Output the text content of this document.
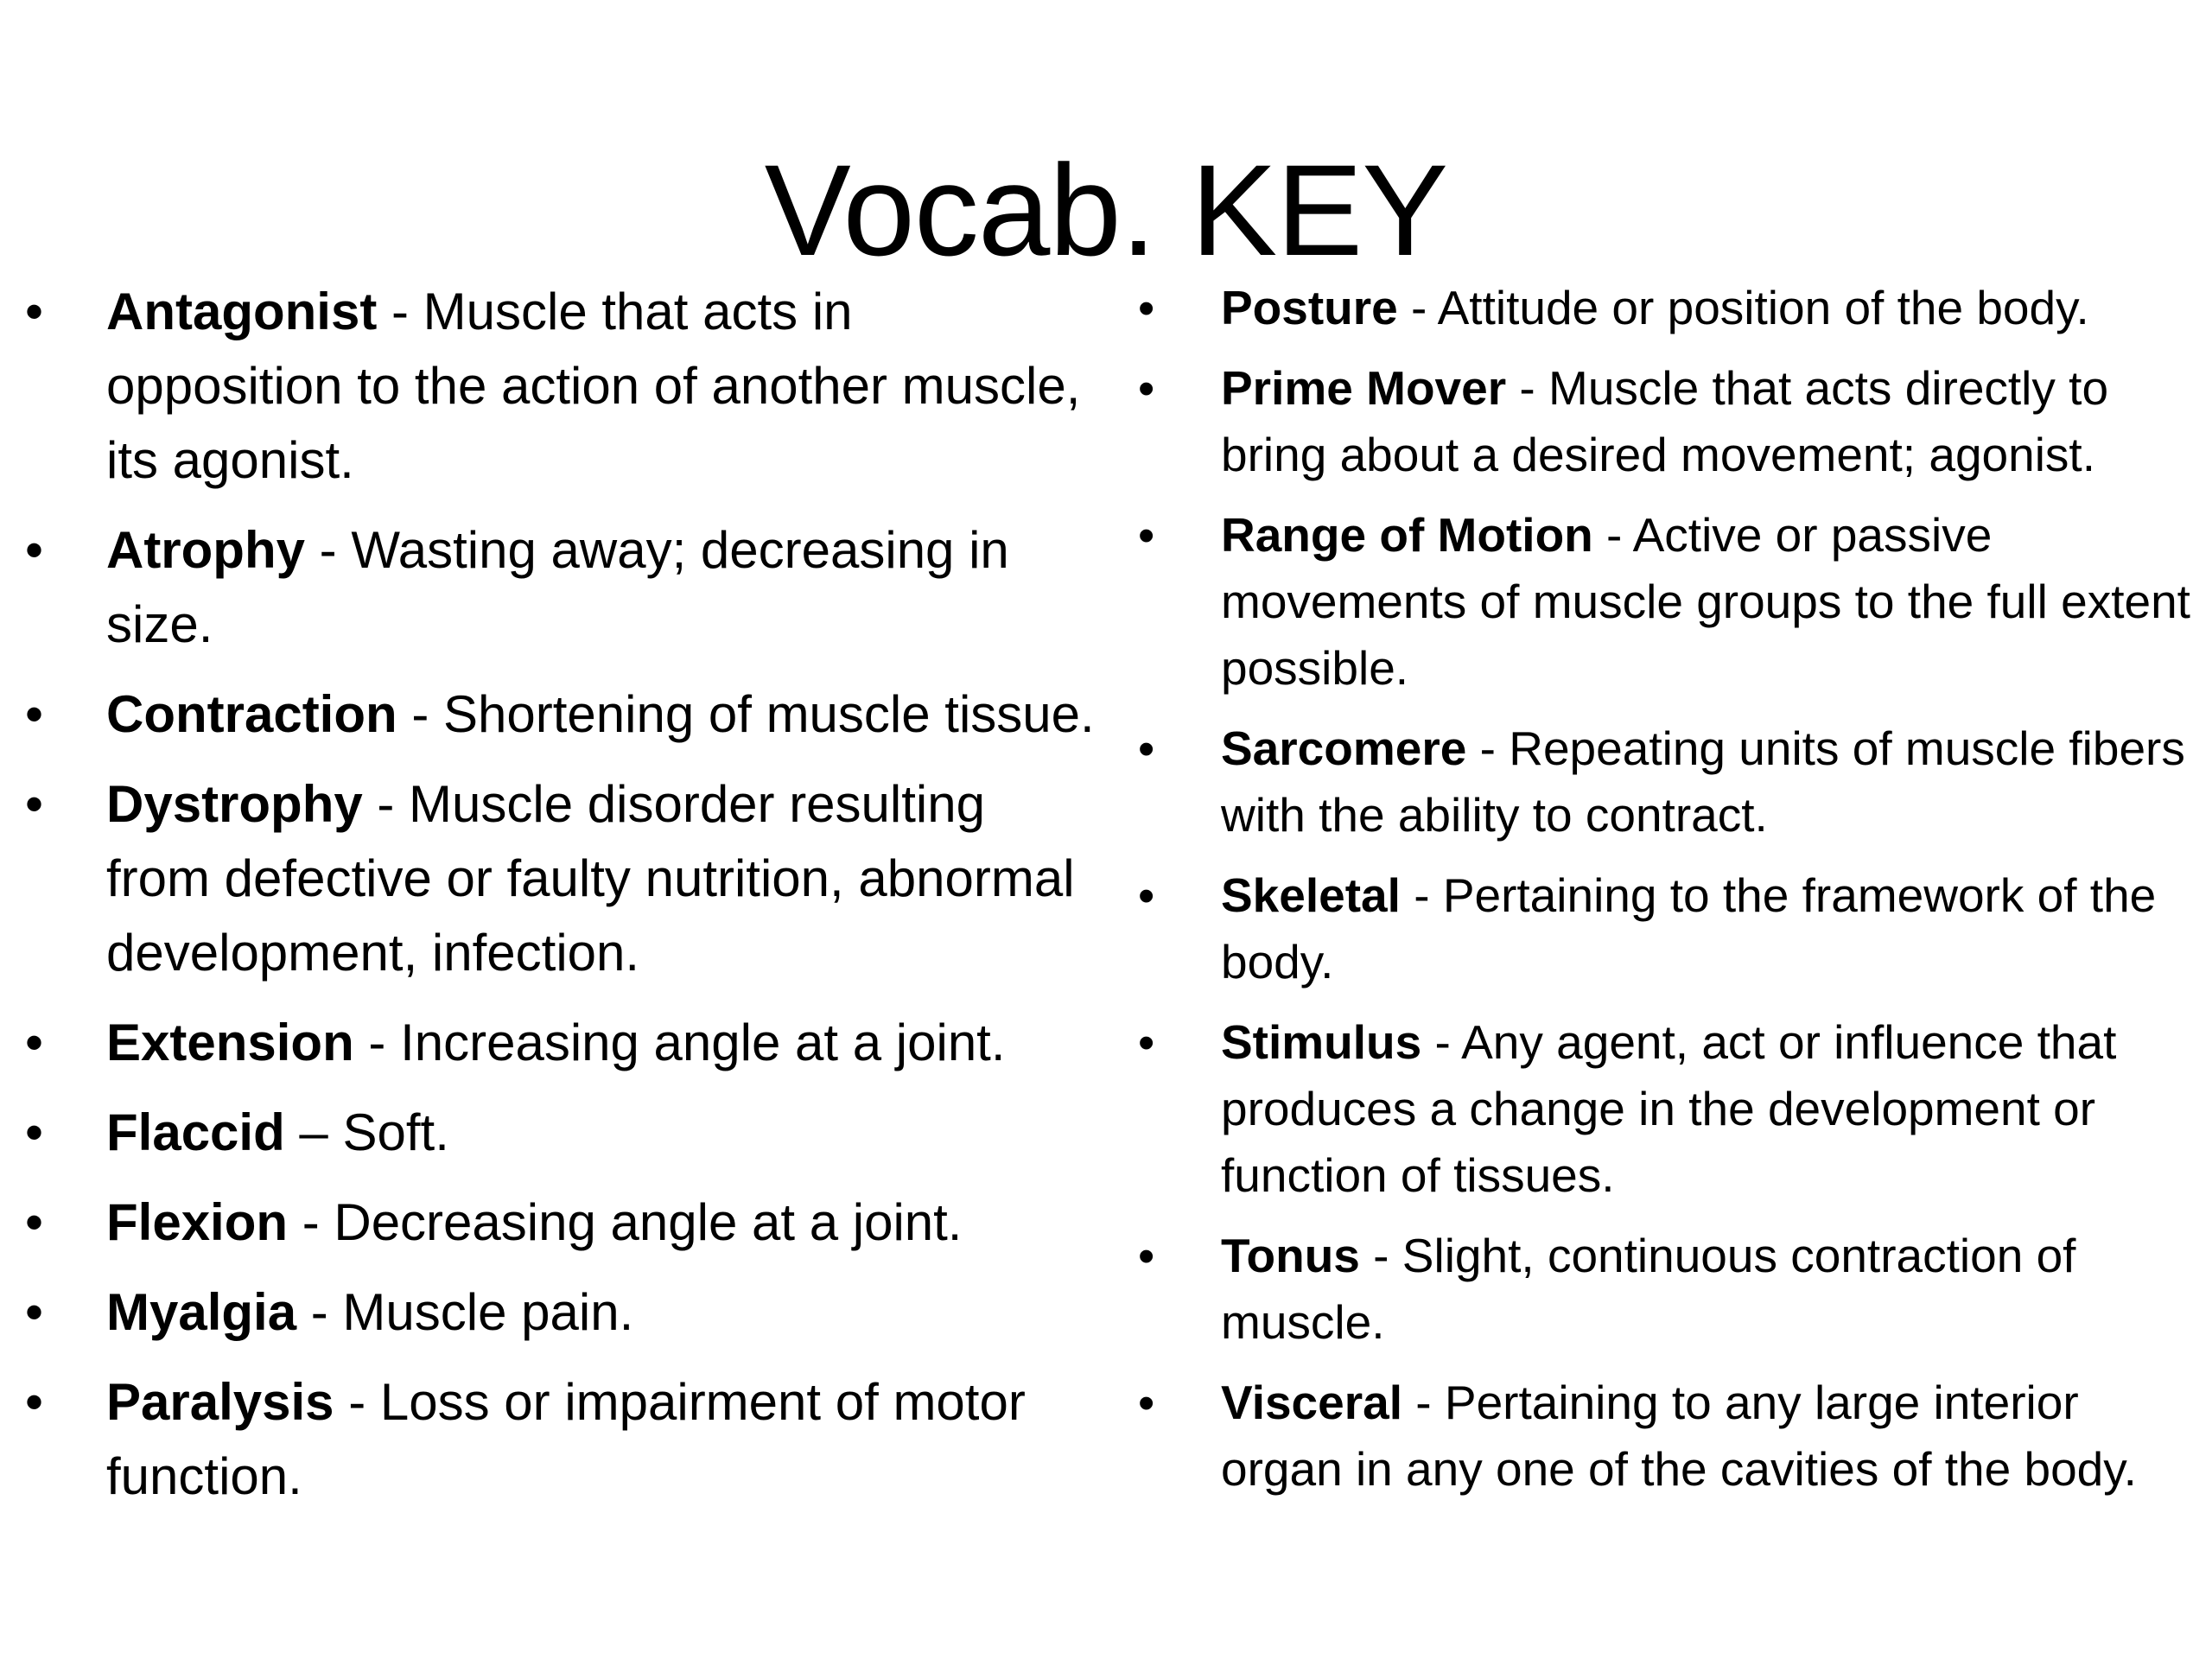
Vocab. KEY
• Antagonist - Muscle that acts in opposition to the action of another muscle, its agonist.
• Atrophy - Wasting away; decreasing in size.
• Contraction - Shortening of muscle tissue.
• Dystrophy - Muscle disorder resulting from defective or faulty nutrition, abnormal development, infection.
• Extension - Increasing angle at a joint.
• Flaccid – Soft.
• Flexion - Decreasing angle at a joint.
• Myalgia - Muscle pain.
• Paralysis - Loss or impairment of motor function.
• Posture - Attitude or position of the body.
• Prime Mover - Muscle that acts directly to bring about a desired movement; agonist.
• Range of Motion - Active or passive movements of muscle groups to the full extent possible.
• Sarcomere - Repeating units of muscle fibers with the ability to contract.
• Skeletal - Pertaining to the framework of the body.
• Stimulus - Any agent, act or influence that produces a change in the development or function of tissues.
• Tonus - Slight, continuous contraction of muscle.
• Visceral - Pertaining to any large interior organ in any one of the cavities of the body.
